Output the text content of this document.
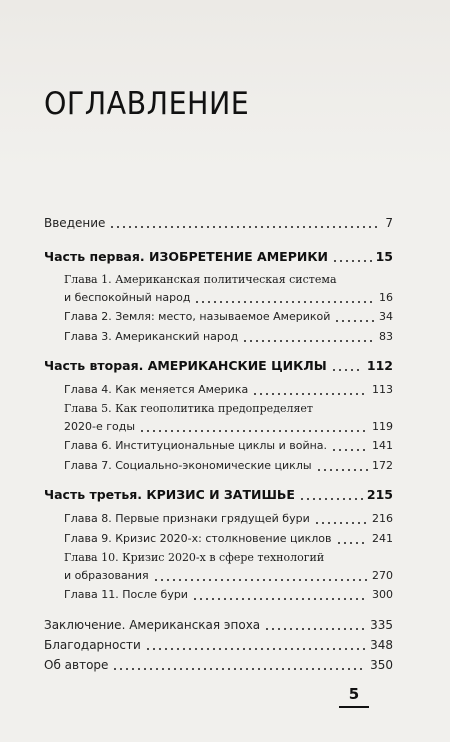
ОГЛАВЛЕНИЕ
Введение	7
Часть первая. ИЗОБРЕТЕНИЕ АМЕРИКИ	15
Глава 1. Американская политическая система
и беспокойный народ	16
Глава 2. Земля: место, называемое Америкой	34
Глава 3. Американский народ	83
Часть вторая. АМЕРИКАНСКИЕ ЦИКЛЫ	112
Глава 4. Как меняется Америка	113
Глава 5. Как геополитика предопределяет
2020-е годы	119
Глава 6. Институциональные циклы и война.	141
Глава 7. Социально-экономические циклы	172
Часть третья. КРИЗИС И ЗАТИШЬЕ	215
Глава 8. Первые признаки грядущей бури	216
Глава 9. Кризис 2020-х: столкновение циклов	241
Глава 10. Кризис 2020-х в сфере технологий
и образования	270
Глава 11. После бури	300
Заключение. Американская эпоха	335
Благодарности	348
Об авторе	350
5
